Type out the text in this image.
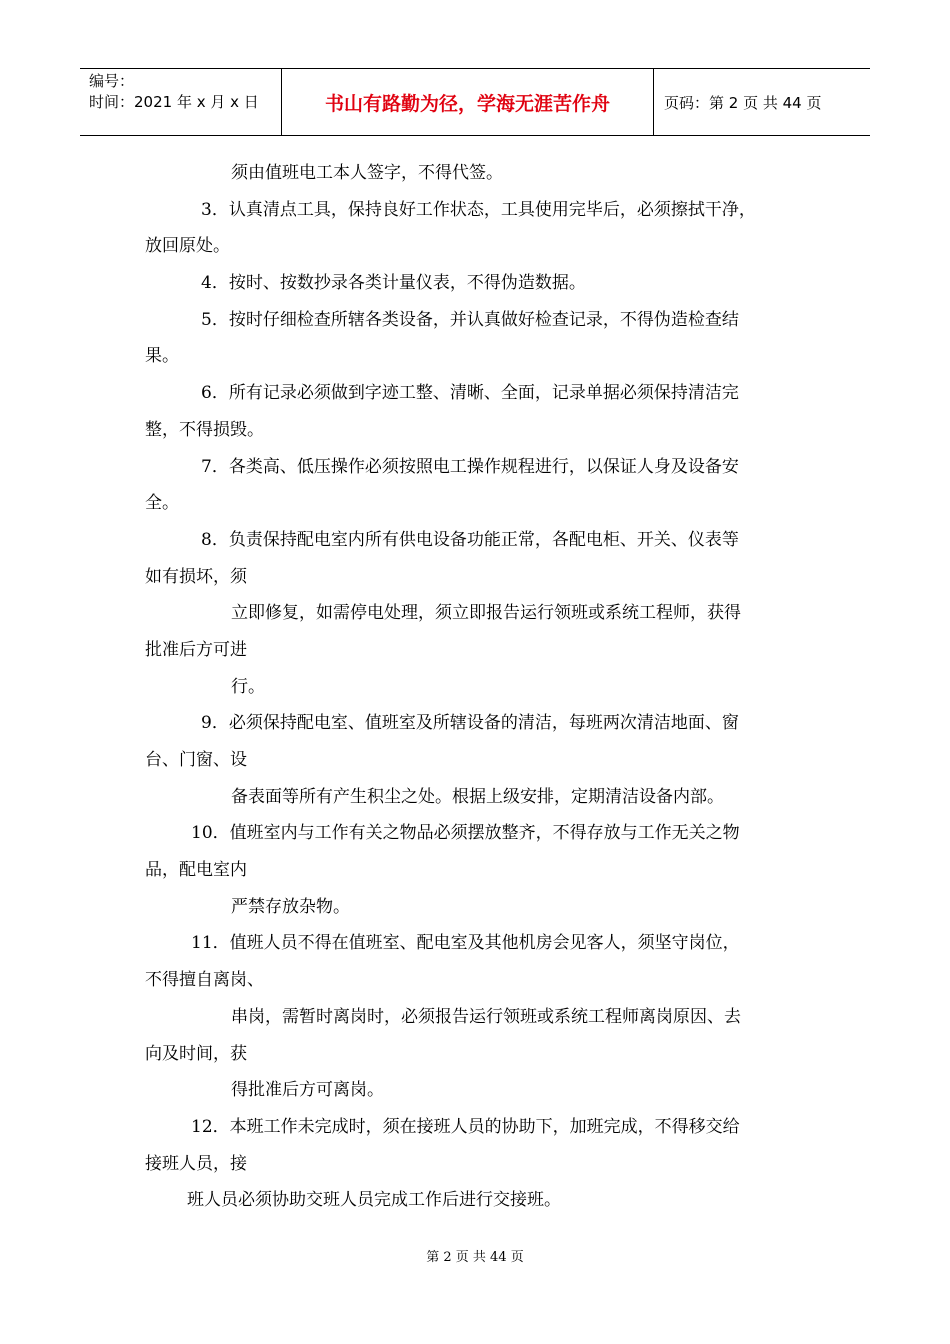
编号：
时间：2021 年 x 月 x 日	书山有路勤为径，学海无涯苦作舟	页码：第 2 页 共 44 页
须由值班电工本人签字，不得代签。
3．认真清点工具，保持良好工作状态，工具使用完毕后，必须擦拭干净，
放回原处。
4．按时、按数抄录各类计量仪表，不得伪造数据。
5．按时仔细检查所辖各类设备，并认真做好检查记录，不得伪造检查结
果。
6．所有记录必须做到字迹工整、清晰、全面，记录单据必须保持清洁完
整，不得损毁。
7．各类高、低压操作必须按照电工操作规程进行，以保证人身及设备安
全。
8．负责保持配电室内所有供电设备功能正常，各配电柜、开关、仪表等
如有损坏，须
立即修复，如需停电处理，须立即报告运行领班或系统工程师，获得
批准后方可进
行。
9．必须保持配电室、值班室及所辖设备的清洁，每班两次清洁地面、窗
台、门窗、设
备表面等所有产生积尘之处。根据上级安排，定期清洁设备内部。
10．值班室内与工作有关之物品必须摆放整齐，不得存放与工作无关之物
品，配电室内
严禁存放杂物。
11．值班人员不得在值班室、配电室及其他机房会见客人，须坚守岗位，
不得擅自离岗、
串岗，需暂时离岗时，必须报告运行领班或系统工程师离岗原因、去
向及时间，获
得批准后方可离岗。
12．本班工作未完成时，须在接班人员的协助下，加班完成，不得移交给
接班人员，接
班人员必须协助交班人员完成工作后进行交接班。
第 2 页 共 44 页
